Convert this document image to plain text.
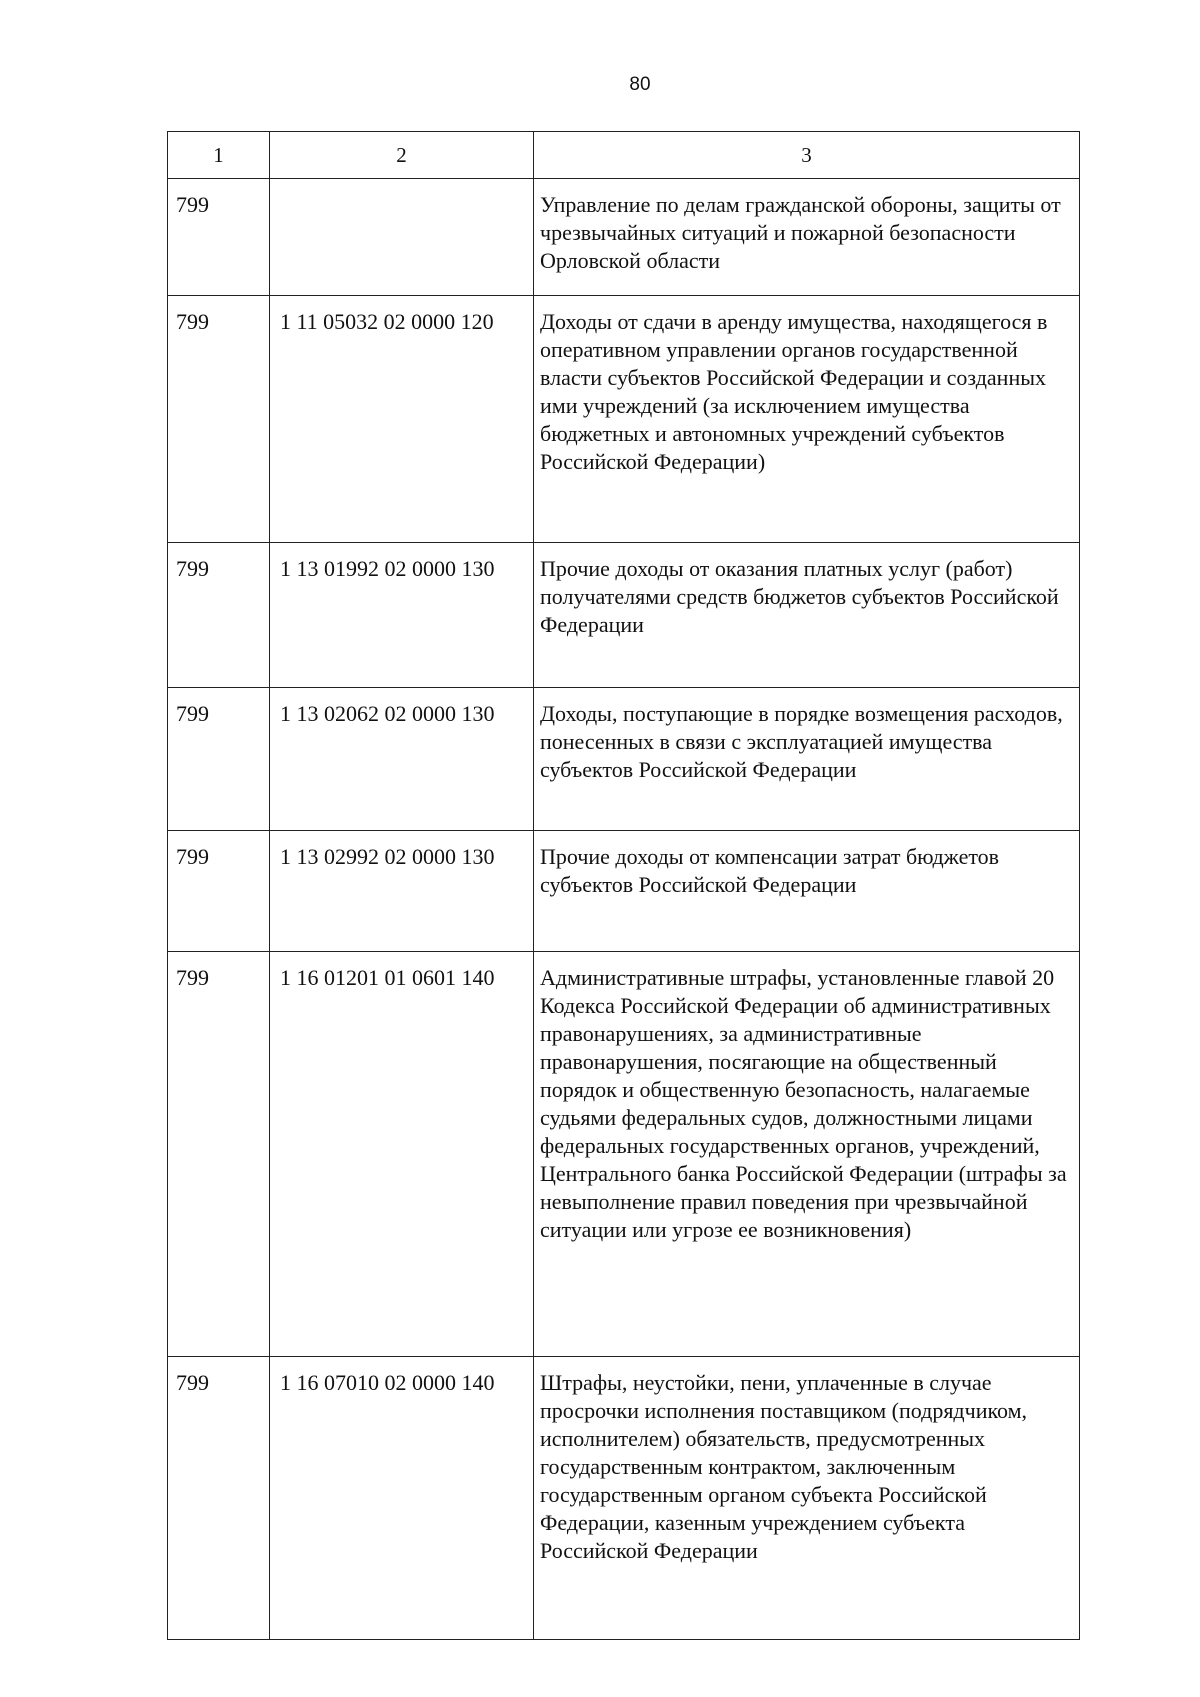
80
1	2	3
799		Управление по делам гражданской обороны, защиты от чрезвычайных ситуаций и пожарной безопасности Орловской области
799	1 11 05032 02 0000 120	Доходы от сдачи в аренду имущества, находящегося в оперативном управлении органов государственной власти субъектов Российской Федерации и созданных ими учреждений (за исключением имущества бюджетных и автономных учреждений субъектов Российской Федерации)
799	1 13 01992 02 0000 130	Прочие доходы от оказания платных услуг (работ) получателями средств бюджетов субъектов Российской Федерации
799	1 13 02062 02 0000 130	Доходы, поступающие в порядке возмещения расходов, понесенных в связи с эксплуатацией имущества субъектов Российской Федерации
799	1 13 02992 02 0000 130	Прочие доходы от компенсации затрат бюджетов субъектов Российской Федерации
799	1 16 01201 01 0601 140	Административные штрафы, установленные главой 20 Кодекса Российской Федерации об административных правонарушениях, за административные правонарушения, посягающие на общественный порядок и общественную безопасность, налагаемые судьями федеральных судов, должностными лицами федеральных государственных органов, учреждений, Центрального банка Российской Федерации (штрафы за невыполнение правил поведения при чрезвычайной ситуации или угрозе ее возникновения)
799	1 16 07010 02 0000 140	Штрафы, неустойки, пени, уплаченные в случае просрочки исполнения поставщиком (подрядчиком, исполнителем) обязательств, предусмотренных государственным контрактом, заключенным государственным органом субъекта Российской Федерации, казенным учреждением субъекта Российской Федерации
